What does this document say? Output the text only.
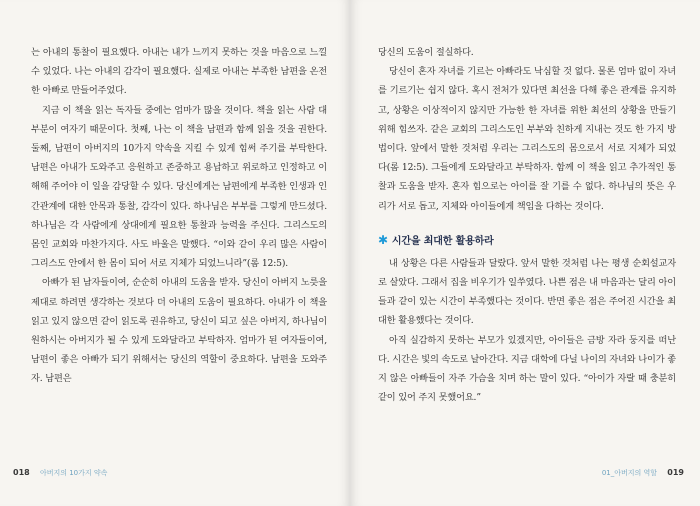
는 아내의 통찰이 필요했다. 아내는 내가 느끼지 못하는 것을 마음으로 느낄 수 있었다. 나는 아내의 감각이 필요했다. 실제로 아내는 부족한 남편을 온전한 아빠로 만들어주었다.

지금 이 책을 읽는 독자들 중에는 엄마가 많을 것이다. 책을 읽는 사람 대부분이 여자기 때문이다. 첫째, 나는 이 책을 남편과 함께 읽을 것을 권한다. 둘째, 남편이 아버지의 10가지 약속을 지킬 수 있게 힘써 주기를 부탁한다. 남편은 아내가 도와주고 응원하고 존중하고 용납하고 위로하고 인정하고 이해해 주어야 이 일을 감당할 수 있다. 당신에게는 남편에게 부족한 인생과 인간관계에 대한 안목과 통찰, 감각이 있다. 하나님은 부부를 그렇게 만드셨다. 하나님은 각 사람에게 상대에게 필요한 통찰과 능력을 주신다. 그리스도의 몸인 교회와 마찬가지다. 사도 바울은 말했다. “이와 같이 우리 많은 사람이 그리스도 안에서 한 몸이 되어 서로 지체가 되었느니라”(롬 12:5).

아빠가 된 남자들이여, 순순히 아내의 도움을 받자. 당신이 아버지 노릇을 제대로 하려면 생각하는 것보다 더 아내의 도움이 필요하다. 아내가 이 책을 읽고 있지 않으면 같이 읽도록 권유하고, 당신이 되고 싶은 아버지, 하나님이 원하시는 아버지가 될 수 있게 도와달라고 부탁하자. 엄마가 된 여자들이여, 남편이 좋은 아빠가 되기 위해서는 당신의 역할이 중요하다. 남편을 도와주자. 남편은

018 아버지의 10가지 약속

당신의 도움이 절실하다.

당신이 혼자 자녀를 기르는 아빠라도 낙심할 것 없다. 물론 엄마 없이 자녀를 기르기는 쉽지 않다. 혹시 전처가 있다면 최선을 다해 좋은 관계를 유지하고, 상황은 이상적이지 않지만 가능한 한 자녀를 위한 최선의 상황을 만들기 위해 힘쓰자. 같은 교회의 그리스도인 부부와 친하게 지내는 것도 한 가지 방법이다. 앞에서 말한 것처럼 우리는 그리스도의 몸으로서 서로 지체가 되었다(롬 12:5). 그들에게 도와달라고 부탁하자. 함께 이 책을 읽고 추가적인 통찰과 도움을 받자. 혼자 힘으로는 아이를 잘 기를 수 없다. 하나님의 뜻은 우리가 서로 돕고, 지체와 아이들에게 책임을 다하는 것이다.

✱ 시간을 최대한 활용하라

내 상황은 다른 사람들과 달랐다. 앞서 말한 것처럼 나는 평생 순회설교자로 살았다. 그래서 집을 비우기가 일쑤였다. 나쁜 점은 내 마음과는 달리 아이들과 같이 있는 시간이 부족했다는 것이다. 반면 좋은 점은 주어진 시간을 최대한 활용했다는 것이다.

아직 실감하지 못하는 부모가 있겠지만, 아이들은 금방 자라 둥지를 떠난다. 시간은 빛의 속도로 날아간다. 지금 대학에 다닐 나이의 자녀와 나이가 좋지 않은 아빠들이 자주 가슴을 치며 하는 말이 있다. “아이가 자랄 때 충분히 같이 있어 주지 못했어요.”

01_아버지의 역할 019
